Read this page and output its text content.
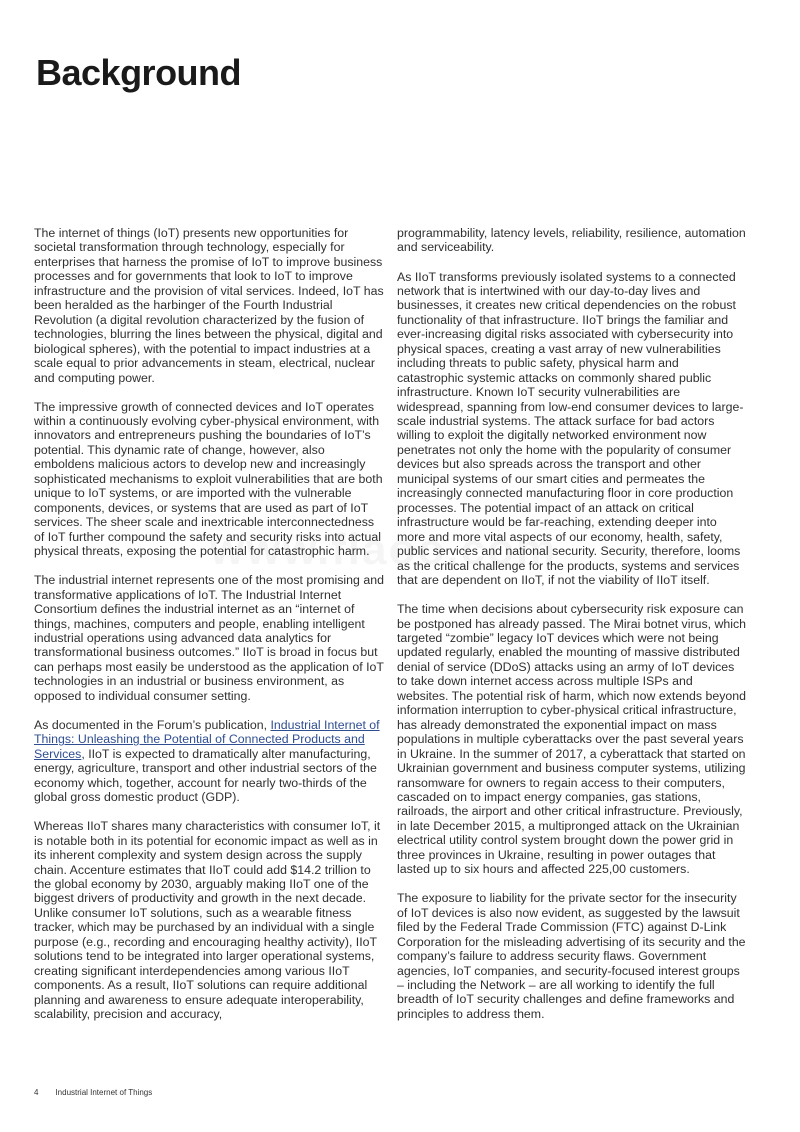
Background

The internet of things (IoT) presents new opportunities for societal transformation through technology, especially for enterprises that harness the promise of IoT to improve business processes and for governments that look to IoT to improve infrastructure and the provision of vital services. Indeed, IoT has been heralded as the harbinger of the Fourth Industrial Revolution (a digital revolution characterized by the fusion of technologies, blurring the lines between the physical, digital and biological spheres), with the potential to impact industries at a scale equal to prior advancements in steam, electrical, nuclear and computing power.

The impressive growth of connected devices and IoT operates within a continuously evolving cyber-physical environment, with innovators and entrepreneurs pushing the boundaries of IoT’s potential. This dynamic rate of change, however, also emboldens malicious actors to develop new and increasingly sophisticated mechanisms to exploit vulnerabilities that are both unique to IoT systems, or are imported with the vulnerable components, devices, or systems that are used as part of IoT services. The sheer scale and inextricable interconnectedness of IoT further compound the safety and security risks into actual physical threats, exposing the potential for catastrophic harm.

The industrial internet represents one of the most promising and transformative applications of IoT. The Industrial Internet Consortium defines the industrial internet as an “internet of things, machines, computers and people, enabling intelligent industrial operations using advanced data analytics for transformational business outcomes.” IIoT is broad in focus but can perhaps most easily be understood as the application of IoT technologies in an industrial or business environment, as opposed to individual consumer setting.

As documented in the Forum’s publication, Industrial Internet of Things: Unleashing the Potential of Connected Products and Services, IIoT is expected to dramatically alter manufacturing, energy, agriculture, transport and other industrial sectors of the economy which, together, account for nearly two-thirds of the global gross domestic product (GDP).

Whereas IIoT shares many characteristics with consumer IoT, it is notable both in its potential for economic impact as well as in its inherent complexity and system design across the supply chain. Accenture estimates that IIoT could add $14.2 trillion to the global economy by 2030, arguably making IIoT one of the biggest drivers of productivity and growth in the next decade. Unlike consumer IoT solutions, such as a wearable fitness tracker, which may be purchased by an individual with a single purpose (e.g., recording and encouraging healthy activity), IIoT solutions tend to be integrated into larger operational systems, creating significant interdependencies among various IIoT components. As a result, IIoT solutions can require additional planning and awareness to ensure adequate interoperability, scalability, precision and accuracy,

programmability, latency levels, reliability, resilience, automation and serviceability.

As IIoT transforms previously isolated systems to a connected network that is intertwined with our day-to-day lives and businesses, it creates new critical dependencies on the robust functionality of that infrastructure. IIoT brings the familiar and ever-increasing digital risks associated with cybersecurity into physical spaces, creating a vast array of new vulnerabilities including threats to public safety, physical harm and catastrophic systemic attacks on commonly shared public infrastructure. Known IoT security vulnerabilities are widespread, spanning from low-end consumer devices to large-scale industrial systems. The attack surface for bad actors willing to exploit the digitally networked environment now penetrates not only the home with the popularity of consumer devices but also spreads across the transport and other municipal systems of our smart cities and permeates the increasingly connected manufacturing floor in core production processes. The potential impact of an attack on critical infrastructure would be far-reaching, extending deeper into more and more vital aspects of our economy, health, safety, public services and national security. Security, therefore, looms as the critical challenge for the products, systems and services that are dependent on IIoT, if not the viability of IIoT itself.

The time when decisions about cybersecurity risk exposure can be postponed has already passed. The Mirai botnet virus, which targeted “zombie” legacy IoT devices which were not being updated regularly, enabled the mounting of massive distributed denial of service (DDoS) attacks using an army of IoT devices to take down internet access across multiple ISPs and websites. The potential risk of harm, which now extends beyond information interruption to cyber-physical critical infrastructure, has already demonstrated the exponential impact on mass populations in multiple cyberattacks over the past several years in Ukraine. In the summer of 2017, a cyberattack that started on Ukrainian government and business computer systems, utilizing ransomware for owners to regain access to their computers, cascaded on to impact energy companies, gas stations, railroads, the airport and other critical infrastructure. Previously, in late December 2015, a multipronged attack on the Ukrainian electrical utility control system brought down the power grid in three provinces in Ukraine, resulting in power outages that lasted up to six hours and affected 225,00 customers.

The exposure to liability for the private sector for the insecurity of IoT devices is also now evident, as suggested by the lawsuit filed by the Federal Trade Commission (FTC) against D-Link Corporation for the misleading advertising of its security and the company’s failure to address security flaws. Government agencies, IoT companies, and security-focused interest groups – including the Network – are all working to identify the full breadth of IoT security challenges and define frameworks and principles to address them.

4 Industrial Internet of Things
